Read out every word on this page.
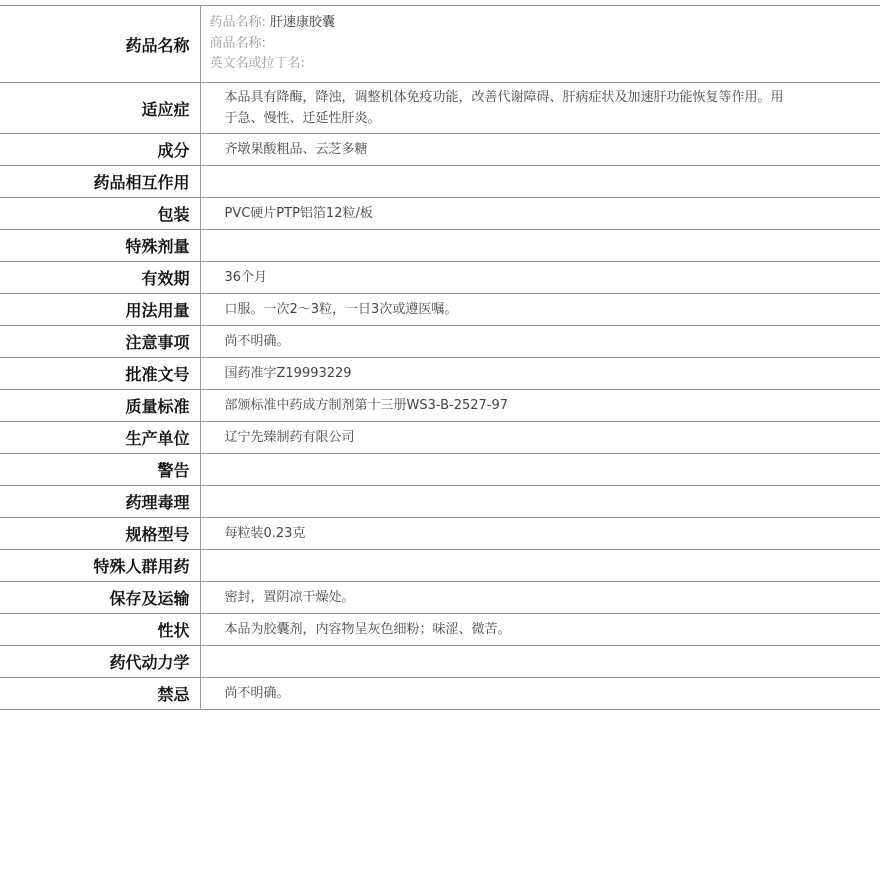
药品名称	药品名称: 肝速康胶囊
商品名称:
英文名或拉丁名:

适应症	本品具有降酶，降浊，调整机体免疫功能，改善代谢障碍、肝病症状及加速肝功能恢复等作用。用于急、慢性、迁延性肝炎。
成分	齐墩果酸粗品、云芝多糖
药品相互作用	
包装	PVC硬片PTP铝箔12粒/板
特殊剂量	
有效期	36个月
用法用量	口服。一次2～3粒，一日3次或遵医嘱。
注意事项	尚不明确。
批准文号	国药准字Z19993229
质量标准	部颁标准中药成方制剂第十三册WS3-B-2527-97
生产单位	辽宁先臻制药有限公司
警告	
药理毒理	
规格型号	每粒装0.23克
特殊人群用药	
保存及运输	密封，置阴凉干燥处。
性状	本品为胶囊剂，内容物呈灰色细粉；味涩、微苦。
药代动力学	
禁忌	尚不明确。
